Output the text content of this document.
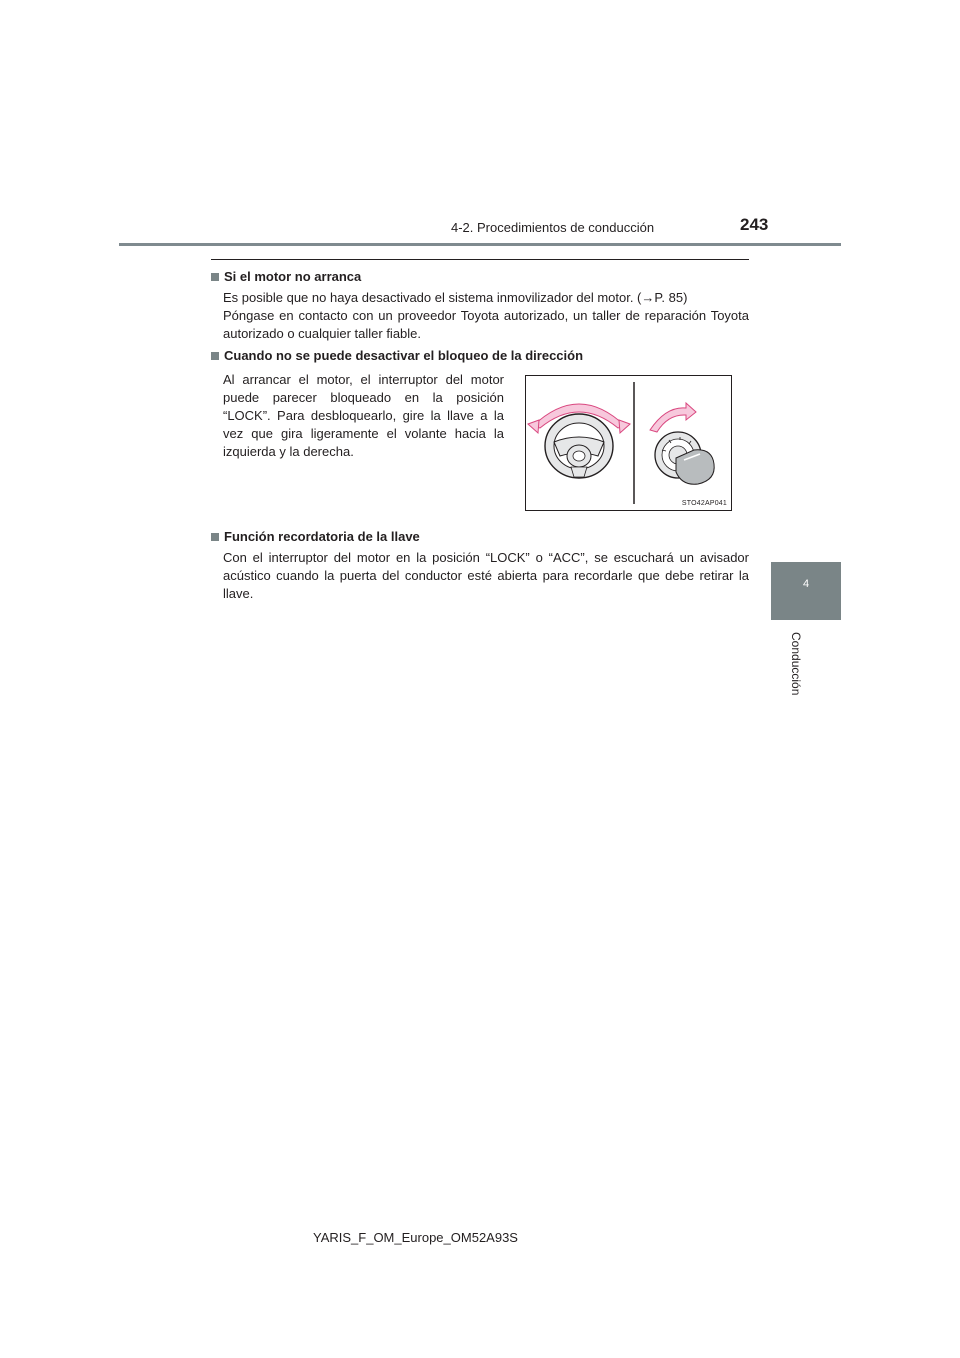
4-2. Procedimientos de conducción	243
4
Conducción
Si el motor no arranca

Es posible que no haya desactivado el sistema inmovilizador del motor. (→P. 85)

Póngase en contacto con un proveedor Toyota autorizado, un taller de reparación Toyota autorizado o cualquier taller fiable.

Cuando no se puede desactivar el bloqueo de la dirección
Al arrancar el motor, el interruptor del motor puede parecer bloqueado en la posición “LOCK”. Para desbloquearlo, gire la llave a la vez que gira ligeramente el volante hacia la izquierda y la derecha.
STO42AP041
Función recordatoria de la llave

Con el interruptor del motor en la posición “LOCK” o “ACC”, se escuchará un avisador acústico cuando la puerta del conductor esté abierta para recordarle que debe retirar la llave.

YARIS_F_OM_Europe_OM52A93S
